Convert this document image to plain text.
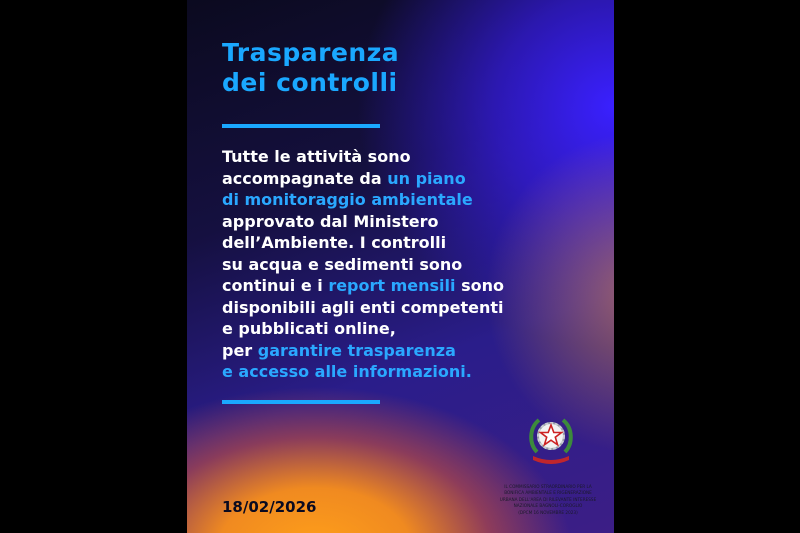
Trasparenza
dei controlli

Tutte le attività sono
accompagnate da un piano
di monitoraggio ambientale
approvato dal Ministero
dell’Ambiente. I controlli
su acqua e sedimenti sono
continui e i report mensili sono
disponibili agli enti competenti
e pubblicati online,
per garantire trasparenza
e accesso alle informazioni.

18/02/2026
IL COMMISSARIO STRAORDINARIO PER LA
BONIFICA AMBIENTALE E RIGENERAZIONE
URBANA DELL'AREA DI RILEVANTE INTERESSE
NAZIONALE BAGNOLI-COROGLIO
(DPCM 16 NOVEMBRE 2023)
